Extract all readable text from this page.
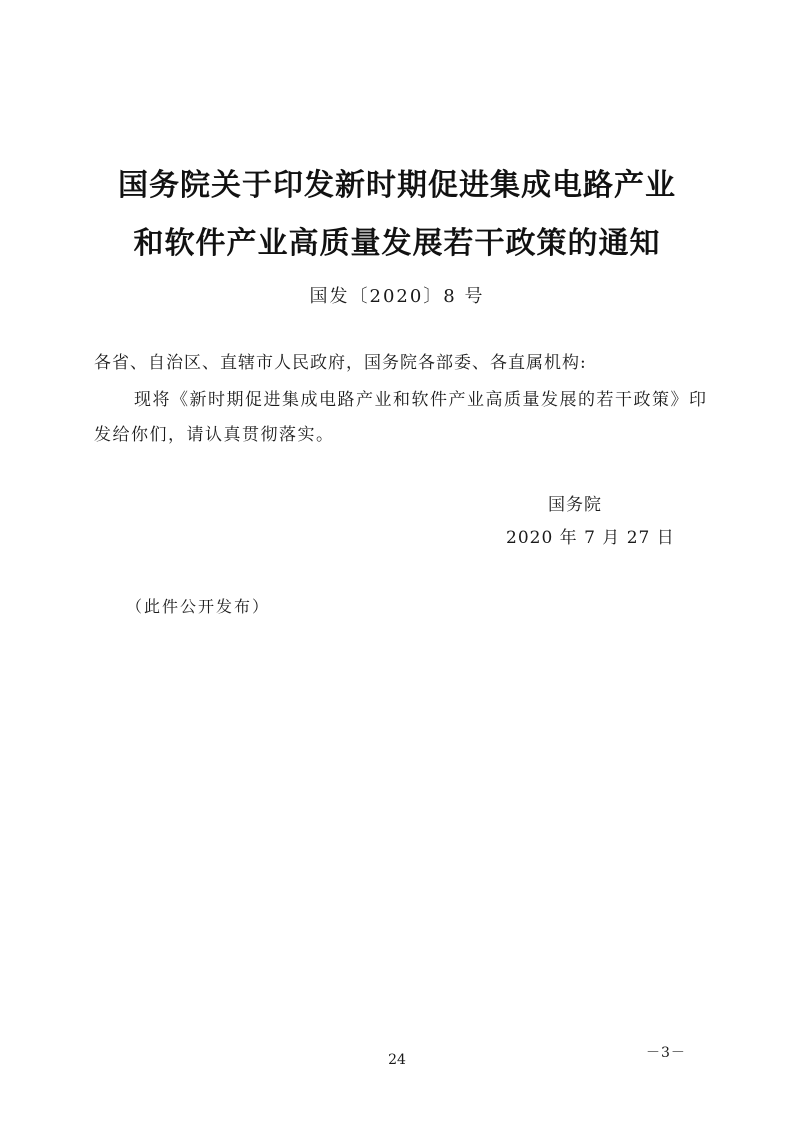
国务院关于印发新时期促进集成电路产业
和软件产业高质量发展若干政策的通知
国发〔2020〕8 号
各省、自治区、直辖市人民政府，国务院各部委、各直属机构:
现将《新时期促进集成电路产业和软件产业高质量发展的若干政策》印发给你们，请认真贯彻落实。
国务院
2020 年 7 月 27 日
（此件公开发布）
－3－
24
